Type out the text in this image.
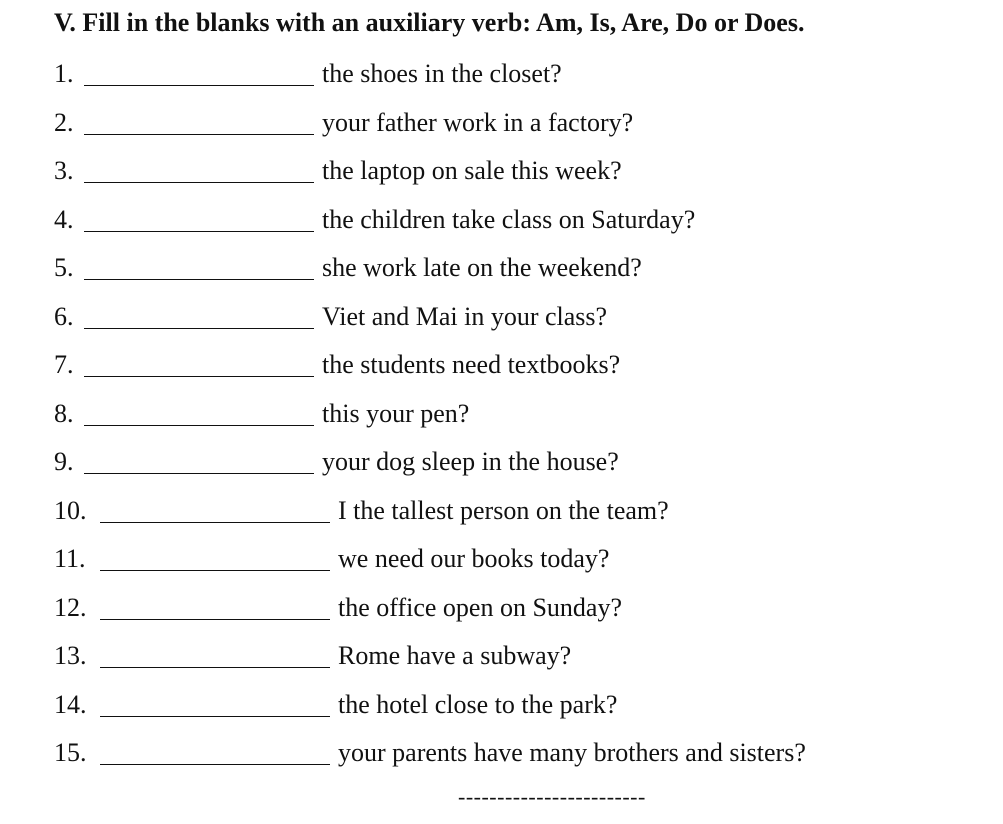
V. Fill in the blanks with an auxiliary verb: Am, Is, Are, Do or Does.
1.	the shoes in the closet?
2.	your father work in a factory?
3.	the laptop on sale this week?
4.	the children take class on Saturday?
5.	she work late on the weekend?
6.	Viet and Mai in your class?
7.	the students need textbooks?
8.	this your pen?
9.	your dog sleep in the house?
10.	I the tallest person on the team?
11.	we need our books today?
12.	the office open on Sunday?
13.	Rome have a subway?
14.	the hotel close to the park?
15.	your parents have many brothers and sisters?
------------------------
